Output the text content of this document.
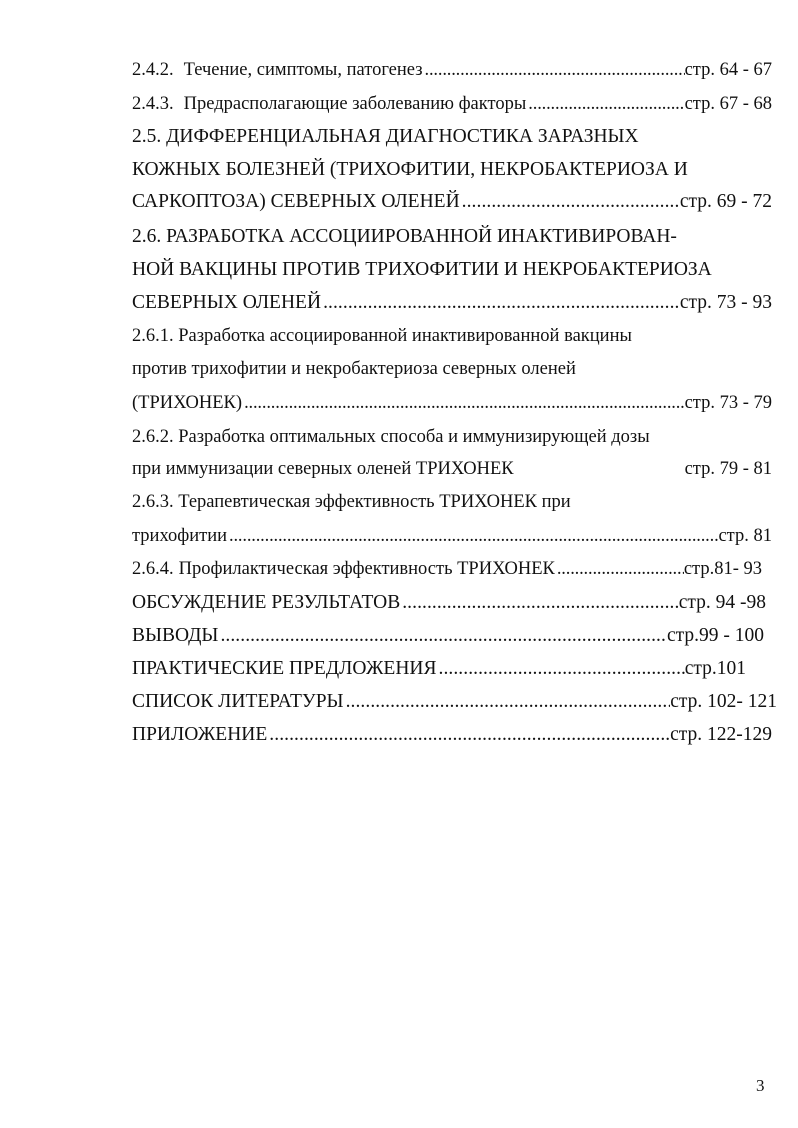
2.4.2. Течение, симптомы, патогенез . . .	стр. 64 - 67
2.4.3. Предрасполагающие заболеванию факторы . . .	стр. 67 - 68
2.5. ДИФФЕРЕНЦИАЛЬНАЯ ДИАГНОСТИКА ЗАРАЗНЫХ
КОЖНЫХ БОЛЕЗНЕЙ (ТРИХОФИТИИ, НЕКРОБАКТЕРИОЗА И
САРКОПТОЗА) СЕВЕРНЫХ ОЛЕНЕЙ . . .	стр. 69 - 72
2.6. РАЗРАБОТКА АССОЦИИРОВАННОЙ ИНАКТИВИРОВАН-
НОЙ ВАКЦИНЫ ПРОТИВ ТРИХОФИТИИ И НЕКРОБАКТЕРИОЗА
СЕВЕРНЫХ ОЛЕНЕЙ . . .	стр. 73 - 93
2.6.1. Разработка ассоциированной инактивированной вакцины
против трихофитии и некробактериоза северных оленей
(ТРИХОНЕК) . . .	стр. 73 - 79
2.6.2. Разработка оптимальных способа и иммунизирующей дозы
при иммунизации северных оленей ТРИХОНЕК	стр. 79 - 81
2.6.3. Терапевтическая эффективность ТРИХОНЕК при
трихофитии . . .	стр. 81
2.6.4. Профилактическая эффективность ТРИХОНЕК . . .	стр.81- 93
ОБСУЖДЕНИЕ РЕЗУЛЬТАТОВ . . .	стр. 94 -98
ВЫВОДЫ . . .	стр.99 - 100
ПРАКТИЧЕСКИЕ ПРЕДЛОЖЕНИЯ . . .	стр.101
СПИСОК ЛИТЕРАТУРЫ . . .	стр. 102- 121
ПРИЛОЖЕНИЕ . . .	стр. 122-129
3
